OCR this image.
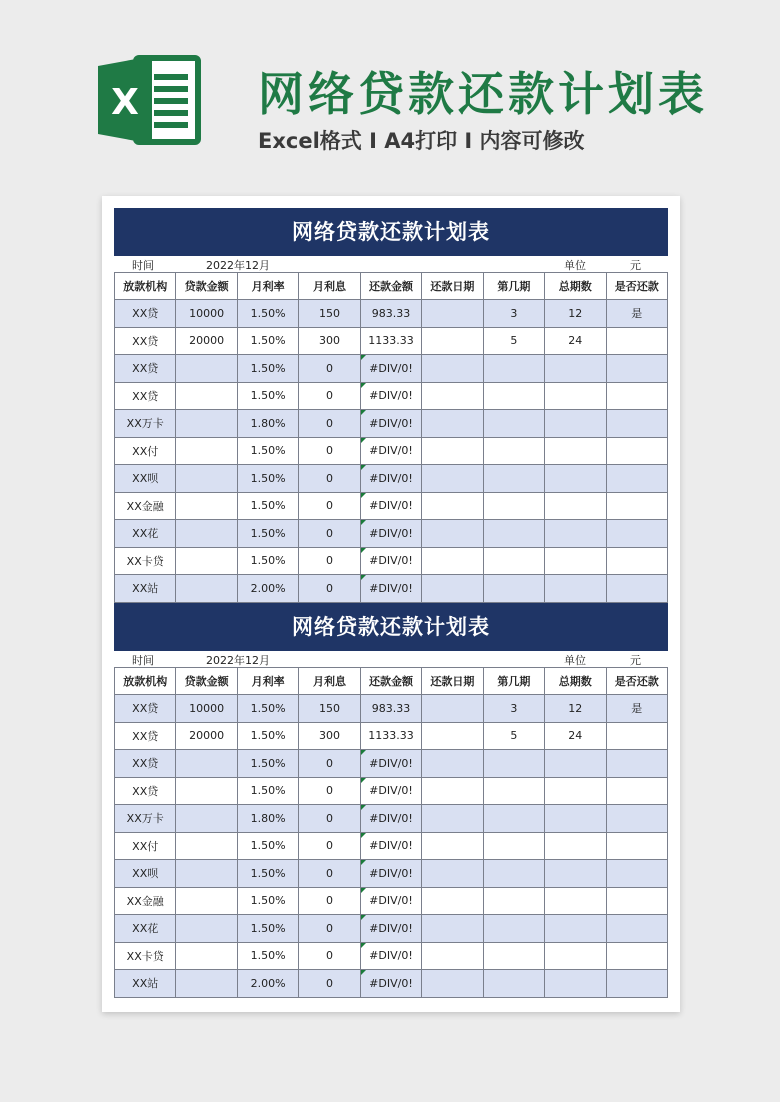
X	网络贷款还款计划表
Excel格式 I A4打印 I 内容可修改
网络贷款还款计划表
时间	2022年12月	单位	元
放款机构	贷款金额	月利率	月利息	还款金额	还款日期	第几期	总期数	是否还款
XX贷	10000	1.50%	150	983.33		3	12	是
XX贷	20000	1.50%	300	1133.33		5	24	
XX贷		1.50%	0	#DIV/0!				
XX贷		1.50%	0	#DIV/0!				
XX万卡		1.80%	0	#DIV/0!				
XX付		1.50%	0	#DIV/0!				
XX呗		1.50%	0	#DIV/0!				
XX金融		1.50%	0	#DIV/0!				
XX花		1.50%	0	#DIV/0!				
XX卡贷		1.50%	0	#DIV/0!				
XX站		2.00%	0	#DIV/0!				
网络贷款还款计划表
时间	2022年12月	单位	元
放款机构	贷款金额	月利率	月利息	还款金额	还款日期	第几期	总期数	是否还款
XX贷	10000	1.50%	150	983.33		3	12	是
XX贷	20000	1.50%	300	1133.33		5	24	
XX贷		1.50%	0	#DIV/0!				
XX贷		1.50%	0	#DIV/0!				
XX万卡		1.80%	0	#DIV/0!				
XX付		1.50%	0	#DIV/0!				
XX呗		1.50%	0	#DIV/0!				
XX金融		1.50%	0	#DIV/0!				
XX花		1.50%	0	#DIV/0!				
XX卡贷		1.50%	0	#DIV/0!				
XX站		2.00%	0	#DIV/0!				
